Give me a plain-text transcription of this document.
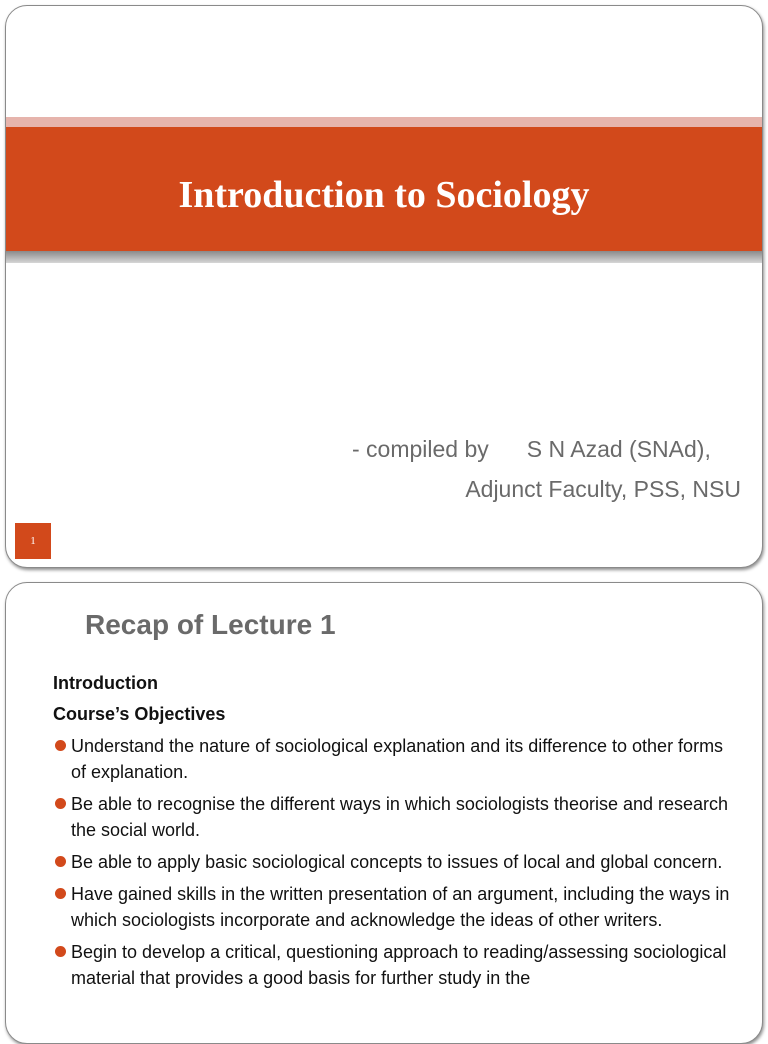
Introduction to Sociology
- compiled by S N Azad (SNAd),
Adjunct Faculty, PSS, NSU
1
Recap of Lecture 1
Introduction
Course’s Objectives
Understand the nature of sociological explanation and its difference to other forms of explanation.
Be able to recognise the different ways in which sociologists theorise and research the social world.
Be able to apply basic sociological concepts to issues of local and global concern.
Have gained skills in the written presentation of an argument, including the ways in which sociologists incorporate and acknowledge the ideas of other writers.
Begin to develop a critical, questioning approach to reading/assessing sociological material that provides a good basis for further study in the
